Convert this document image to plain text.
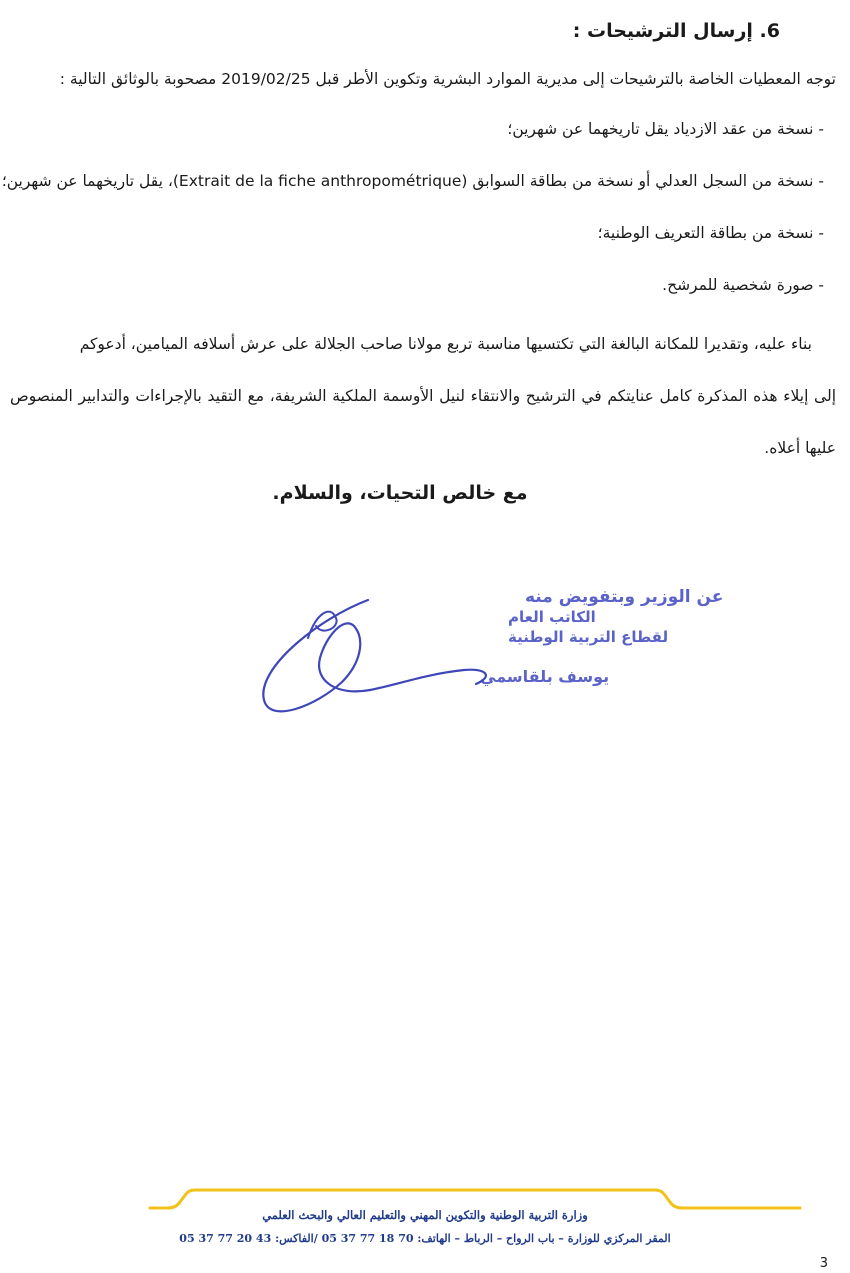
6. إرسال الترشيحات :
توجه المعطيات الخاصة بالترشيحات إلى مديرية الموارد البشرية وتكوين الأطر قبل 2019/02/25 مصحوبة بالوثائق التالية :
- نسخة من عقد الازدياد يقل تاريخهما عن شهرين؛
- نسخة من السجل العدلي أو نسخة من بطاقة السوابق (Extrait de la fiche anthropométrique)، يقل تاريخهما عن شهرين؛
- نسخة من بطاقة التعريف الوطنية؛
- صورة شخصية للمرشح.
بناء عليه، وتقديرا للمكانة البالغة التي تكتسيها مناسبة تربع مولانا صاحب الجلالة على عرش أسلافه الميامين، أدعوكم
إلى إيلاء هذه المذكرة كامل عنايتكم في الترشيح والانتقاء لنيل الأوسمة الملكية الشريفة، مع التقيد بالإجراءات والتدابير المنصوص عليها أعلاه.
مع خالص التحيات، والسلام.
عن الوزير وبتفويض منه
الكاتب العام
لقطاع التربية الوطنية
يوسف بلقاسمي
وزارة التربية الوطنية والتكوين المهني والتعليم العالي والبحث العلمي
المقر المركزي للوزارة – باب الرواح – الرباط – الهاتف: 70 18 77 37 05 /الفاكس: 43 20 77 37 05
3
